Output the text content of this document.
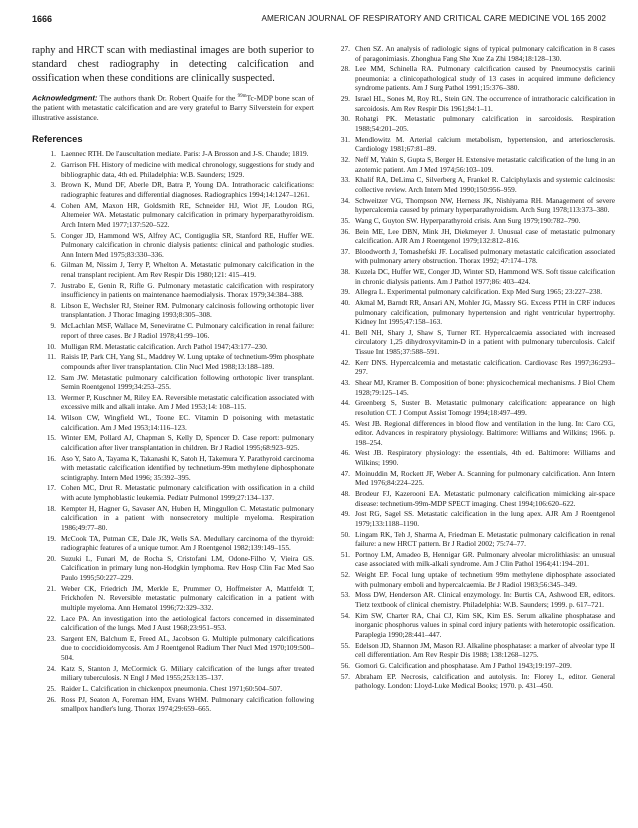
1666	AMERICAN JOURNAL OF RESPIRATORY AND CRITICAL CARE MEDICINE VOL 165 2002

raphy and HRCT scan with mediastinal images are both superior to standard chest radiography in detecting calcification and ossification when these conditions are clinically suspected.

Acknowledgment: The authors thank Dr. Robert Quaife for the $^{99m}$Tc-MDP bone scan of the patient with metastatic calcification and are very grateful to Barry Silverstein for expert illustrative assistance.

References
1. Laennec RTH. De l'auscultation mediate. Paris: J-A Brosson and J-S. Chaude; 1819.
2. Garrison FH. History of medicine with medical chronology, suggestions for study and bibliographic data, 4th ed. Philadelphia: W.B. Saunders; 1929.
3. Brown K, Mund DF, Aberle DR, Batra P, Young DA. Intrathoracic calcifications: radiographic features and differential diagnoses. Radiographics 1994;14:1247–1261.
4. Cohen AM, Maxon HR, Goldsmith RE, Schneider HJ, Wiot JF, Loudon RG, Altemeier WA. Metastatic pulmonary calcification in primary hyperparathyroidism. Arch Intern Med 1977;137:520–522.
5. Conger JD, Hammond WS, Alfrey AC, Contiguglia SR, Stanford RE, Huffer WE. Pulmonary calcification in chronic dialysis patients: clinical and pathologic studies. Ann Intern Med 1975;83:330–336.
6. Gilman M, Nissim J, Terry P, Whelton A. Metastatic pulmonary calcification in the renal transplant recipient. Am Rev Respir Dis 1980;121: 415–419.
7. Justrabo E, Genin R, Rifle G. Pulmonary metastatic calcification with respiratory insufficiency in patients on maintenance haemodialysis. Thorax 1979;34:384–388.
8. Libson E, Wechsler RJ, Steiner RM. Pulmonary calcinosis following orthotopic liver transplantation. J Thorac Imaging 1993;8:305–308.
9. McLachlan MSF, Wallace M, Seneviratne C. Pulmonary calcification in renal failure: report of three cases. Br J Radiol 1978;41:99–106.
10. Mulligan RM. Metastatic calcification. Arch Pathol 1947;43:177–230.
11. Raisis IP, Park CH, Yang SL, Maddrey W. Lung uptake of technetium-99m phosphate compounds after liver transplantation. Clin Nucl Med 1988;13:188–189.
12. Sam JW. Metastatic pulmonary calcification following orthotopic liver transplant. Semin Roentgenol 1999;34:253–255.
13. Wermer P, Kuschner M, Riley EA. Reversible metastatic calcification associated with excessive milk and alkali intake. Am J Med 1953;14: 108–115.
14. Wilson CW, Wingfield WL, Toone EC. Vitamin D poisoning with metastatic calcification. Am J Med 1953;14:116–123.
15. Winter EM, Pollard AJ, Chapman S, Kelly D, Spencer D. Case report: pulmonary calcification after liver transplantation in children. Br J Radiol 1995;68:923–925.
16. Aso Y, Sato A, Tayama K, Takanashi K, Satoh H, Takemura Y. Parathyroid carcinoma with metastatic calcification identified by technetium-99m methylene diphosphonate scintigraphy. Intern Med 1996; 35:392–395.
17. Cohen MC, Drut R. Metastatic pulmonary calcification with ossification in a child with acute lymphoblastic leukemia. Pediatr Pulmonol 1999;27:134–137.
18. Kempter H, Hagner G, Savaser AN, Huben H, Minggullon C. Metastatic pulmonary calcification in a patient with nonsecretory multiple myeloma. Respiration 1986;49:77–80.
19. McCook TA, Putman CE, Dale JK, Wells SA. Medullary carcinoma of the thyroid: radiographic features of a unique tumor. Am J Roentgenol 1982;139:149–155.
20. Suzuki L, Funari M, de Rocha S, Cristofani LM, Odone-Filho V, Vieira GS. Calcification in primary lung non-Hodgkin lymphoma. Rev Hosp Clin Fac Med Sao Paulo 1995;50:227–229.
21. Weber CK, Friedrich JM, Merkle E, Prummer O, Hoffmeister A, Mattfeldt T, Frickhofen N. Reversible metastatic pulmonary calcification in a patient with multiple myeloma. Ann Hematol 1996;72:329–332.
22. Lace PA. An investigation into the aetiological factors concerned in disseminated calcification of the lungs. Med J Aust 1968;23:951–953.
23. Sargent EN, Balchum E, Freed AL, Jacobson G. Multiple pulmonary calcifications due to coccidioidomycosis. Am J Roentgenol Radium Ther Nucl Med 1970;109:500–504.
24. Katz S, Stanton J, McCormick G. Miliary calcification of the lungs after treated miliary tuberculosis. N Engl J Med 1955;253:135–137.
25. Raider L. Calcification in chickenpox pneumonia. Chest 1971;60:504–507.
26. Ross PJ, Seaton A, Foreman HM, Evans WHM. Pulmonary calcification following smallpox handler's lung. Thorax 1974;29:659–665.
27. Chen SZ. An analysis of radiologic signs of typical pulmonary calcification in 8 cases of paragonimiasis. Zhonghua Fang She Xue Za Zhi 1984;18:128–130.
28. Lee MM, Schinella RA. Pulmonary calcification caused by Pneumocystis carinii pneumonia: a clinicopathological study of 13 cases in acquired immune deficiency syndrome patients. Am J Surg Pathol 1991;15:376–380.
29. Israel HL, Sones M, Roy RL, Stein GN. The occurrence of intrathoracic calcification in sarcoidosis. Am Rev Respir Dis 1961;84:1–11.
30. Rohatgi PK. Metastatic pulmonary calcification in sarcoidosis. Respiration 1988;54:201–205.
31. Mendlowitz M. Arterial calcium metabolism, hypertension, and arteriosclerosis. Cardiology 1981;67:81–89.
32. Neff M, Yakin S, Gupta S, Berger H. Extensive metastatic calcification of the lung in an azotemic patient. Am J Med 1974;56:103–109.
33. Khalif RA, DeLima C, Silverberg A, Frankel R. Calciphylaxis and systemic calcinosis: collective review. Arch Intern Med 1990;150:956–959.
34. Schweitzer VG, Thompson NW, Herness JK, Nishiyama RH. Management of severe hypercalcemia caused by primary hyperparathyroidism. Arch Surg 1978;113:373–380.
35. Wang C, Guyton SW. Hyperparathyroid crisis. Ann Surg 1979;190:782–790.
36. Bein ME, Lee DBN, Mink JH, Diekmeyer J. Unusual case of metastatic pulmonary calcification. AJR Am J Roentgenol 1979;132:812–816.
37. Bloodworth J, Tomashefski JF. Localised pulmonary metastatic calcification associated with pulmonary artery obstruction. Thorax 1992; 47:174–178.
38. Kuzela DC, Huffer WE, Conger JD, Winter SD, Hammond WS. Soft tissue calcification in chronic dialysis patients. Am J Pathol 1977;86: 403–424.
39. Allegra L. Experimental pulmonary calcification. Exp Med Surg 1965; 23:227–238.
40. Akmal M, Barndt RR, Ansari AN, Mohler JG, Massry SG. Excess PTH in CRF induces pulmonary calcification, pulmonary hypertension and right ventricular hypertrophy. Kidney Int 1995;47:158–163.
41. Bell NH, Shary J, Shaw S, Turner RT. Hypercalcaemia associated with increased circulatory 1,25 dihydroxyvitamin-D in a patient with pulmonary tuberculosis. Calcif Tissue Int 1985;37:588–591.
42. Kerr DNS. Hypercalcemia and metastatic calcification. Cardiovasc Res 1997;36:293–297.
43. Shear MJ, Kramer B. Composition of bone: physicochemical mechanisms. J Biol Chem 1928;79:125–145.
44. Greenberg S, Suster B. Metastatic pulmonary calcification: appearance on high resolution CT. J Comput Assist Tomogr 1994;18:497–499.
45. West JB. Regional differences in blood flow and ventilation in the lung. In: Caro CG, editor. Advances in respiratory physiology. Baltimore: Williams and Wilkins; 1966. p. 198–254.
46. West JB. Respiratory physiology: the essentials, 4th ed. Baltimore: Williams and Wilkins; 1990.
47. Moinuddin M, Rockett JF, Weber A. Scanning for pulmonary calcification. Ann Intern Med 1976;84:224–225.
48. Brodeur FJ, Kazerooni EA. Metastatic pulmonary calcification mimicking air-space disease: technetium-99m-MDP SPECT imaging. Chest 1994;106:620–622.
49. Jost RG, Sagel SS. Metastatic calcification in the lung apex. AJR Am J Roentgenol 1979;133:1188–1190.
50. Lingam RK, Teh J, Sharma A, Friedman E. Metastatic pulmonary calcification in renal failure: a new HRCT pattern. Br J Radiol 2002; 75:74–77.
51. Portnoy LM, Amadeo B, Hennigar GR. Pulmonary alveolar microlithiasis: an unusual case associated with milk-alkali syndrome. Am J Clin Pathol 1964;41:194–201.
52. Weight EP. Focal lung uptake of technetium 99m methylene diphosphate associated with pulmonary emboli and hypercalcaemia. Br J Radiol 1983;56:345–349.
53. Moss DW, Henderson AR. Clinical enzymology. In: Burtis CA, Ashwood ER, editors. Tietz textbook of clinical chemistry. Philadelphia: W.B. Saunders; 1999. p. 617–721.
54. Kim SW, Charter RA, Chai CJ, Kim SK, Kim ES. Serum alkaline phosphatase and inorganic phosphorus values in spinal cord injury patients with heterotopic ossification. Paraplegia 1990;28:441–447.
55. Edelson JD, Shannon JM, Mason RJ. Alkaline phosphatase: a marker of alveolar type II cell differentiation. Am Rev Respir Dis 1988; 138:1268–1275.
56. Gomori G. Calcification and phosphatase. Am J Pathol 1943;19:197–209.
57. Abraham EP. Necrosis, calcification and autolysis. In: Florey L, editor. General pathology. London: Lloyd-Luke Medical Books; 1970. p. 431–450.
